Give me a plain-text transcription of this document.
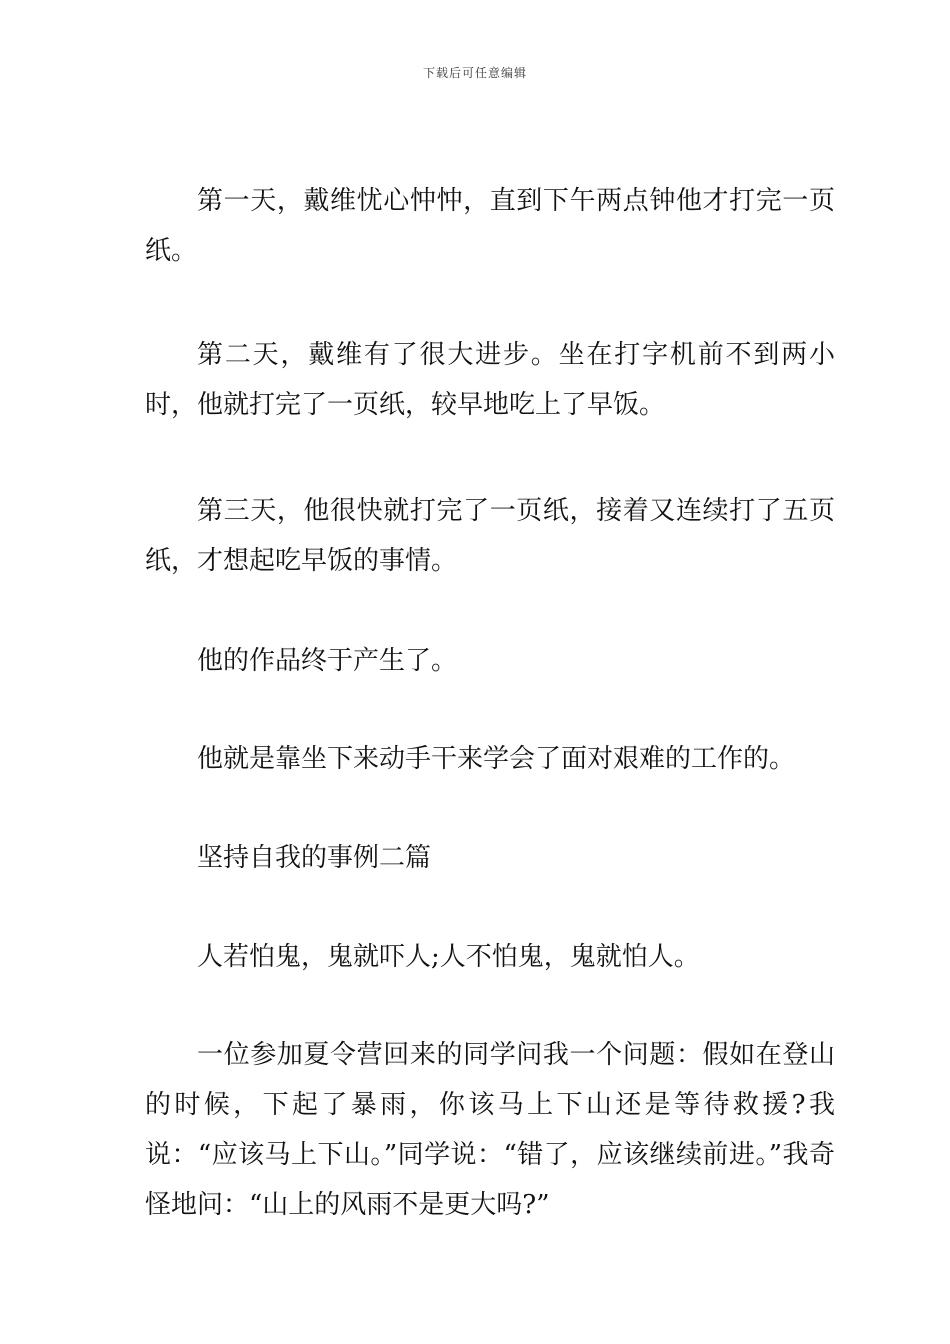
下载后可任意编辑

第一天，戴维忧心忡忡，直到下午两点钟他才打完一页纸。

第二天，戴维有了很大进步。坐在打字机前不到两小时，他就打完了一页纸，较早地吃上了早饭。

第三天，他很快就打完了一页纸，接着又连续打了五页纸，才想起吃早饭的事情。

他的作品终于产生了。

他就是靠坐下来动手干来学会了面对艰难的工作的。

坚持自我的事例二篇

人若怕鬼，鬼就吓人;人不怕鬼，鬼就怕人。

一位参加夏令营回来的同学问我一个问题：假如在登山的时候，下起了暴雨，你该马上下山还是等待救援?我说：“应该马上下山。”同学说：“错了，应该继续前进。”我奇怪地问：“山上的风雨不是更大吗?”
